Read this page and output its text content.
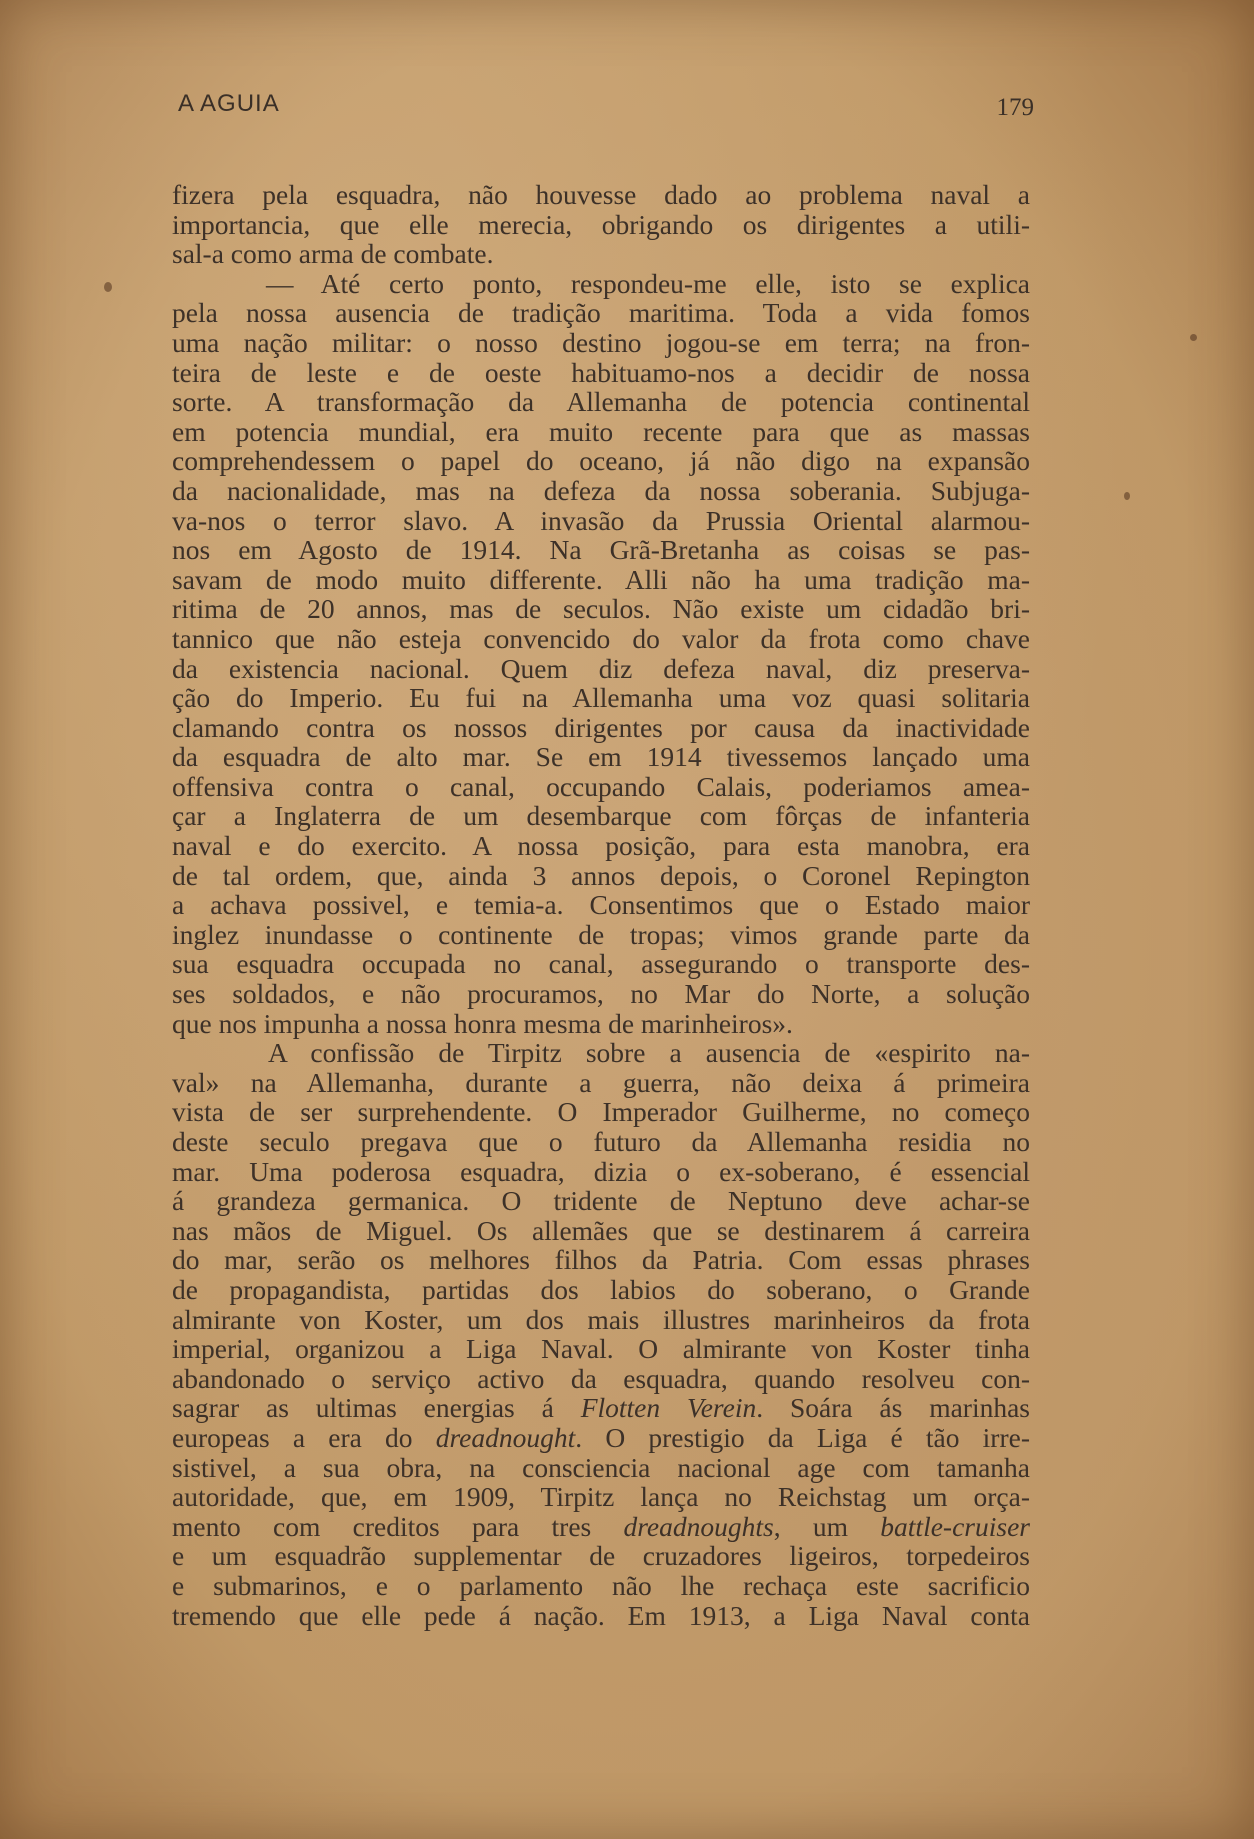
A AGUIA	179
fizera pela esquadra, não houvesse dado ao problema naval a
importancia, que elle merecia, obrigando os dirigentes a utili-
sal-a como arma de combate.
— Até certo ponto, respondeu-me elle, isto se explica
pela nossa ausencia de tradição maritima. Toda a vida fomos
uma nação militar: o nosso destino jogou-se em terra; na fron-
teira de leste e de oeste habituamo-nos a decidir de nossa
sorte. A transformação da Allemanha de potencia continental
em potencia mundial, era muito recente para que as massas
comprehendessem o papel do oceano, já não digo na expansão
da nacionalidade, mas na defeza da nossa soberania. Subjuga-
va-nos o terror slavo. A invasão da Prussia Oriental alarmou-
nos em Agosto de 1914. Na Grã-Bretanha as coisas se pas-
savam de modo muito differente. Alli não ha uma tradição ma-
ritima de 20 annos, mas de seculos. Não existe um cidadão bri-
tannico que não esteja convencido do valor da frota como chave
da existencia nacional. Quem diz defeza naval, diz preserva-
ção do Imperio. Eu fui na Allemanha uma voz quasi solitaria
clamando contra os nossos dirigentes por causa da inactividade
da esquadra de alto mar. Se em 1914 tivessemos lançado uma
offensiva contra o canal, occupando Calais, poderiamos amea-
çar a Inglaterra de um desembarque com fôrças de infanteria
naval e do exercito. A nossa posição, para esta manobra, era
de tal ordem, que, ainda 3 annos depois, o Coronel Repington
a achava possivel, e temia-a. Consentimos que o Estado maior
inglez inundasse o continente de tropas; vimos grande parte da
sua esquadra occupada no canal, assegurando o transporte des-
ses soldados, e não procuramos, no Mar do Norte, a solução
que nos impunha a nossa honra mesma de marinheiros».
A confissão de Tirpitz sobre a ausencia de «espirito na-
val» na Allemanha, durante a guerra, não deixa á primeira
vista de ser surprehendente. O Imperador Guilherme, no começo
deste seculo pregava que o futuro da Allemanha residia no
mar. Uma poderosa esquadra, dizia o ex-soberano, é essencial
á grandeza germanica. O tridente de Neptuno deve achar-se
nas mãos de Miguel. Os allemães que se destinarem á carreira
do mar, serão os melhores filhos da Patria. Com essas phrases
de propagandista, partidas dos labios do soberano, o Grande
almirante von Koster, um dos mais illustres marinheiros da frota
imperial, organizou a Liga Naval. O almirante von Koster tinha
abandonado o serviço activo da esquadra, quando resolveu con-
sagrar as ultimas energias á Flotten Verein. Soára ás marinhas
europeas a era do dreadnought. O prestigio da Liga é tão irre-
sistivel, a sua obra, na consciencia nacional age com tamanha
autoridade, que, em 1909, Tirpitz lança no Reichstag um orça-
mento com creditos para tres dreadnoughts, um battle-cruiser
e um esquadrão supplementar de cruzadores ligeiros, torpedeiros
e submarinos, e o parlamento não lhe rechaça este sacrificio
tremendo que elle pede á nação. Em 1913, a Liga Naval conta
